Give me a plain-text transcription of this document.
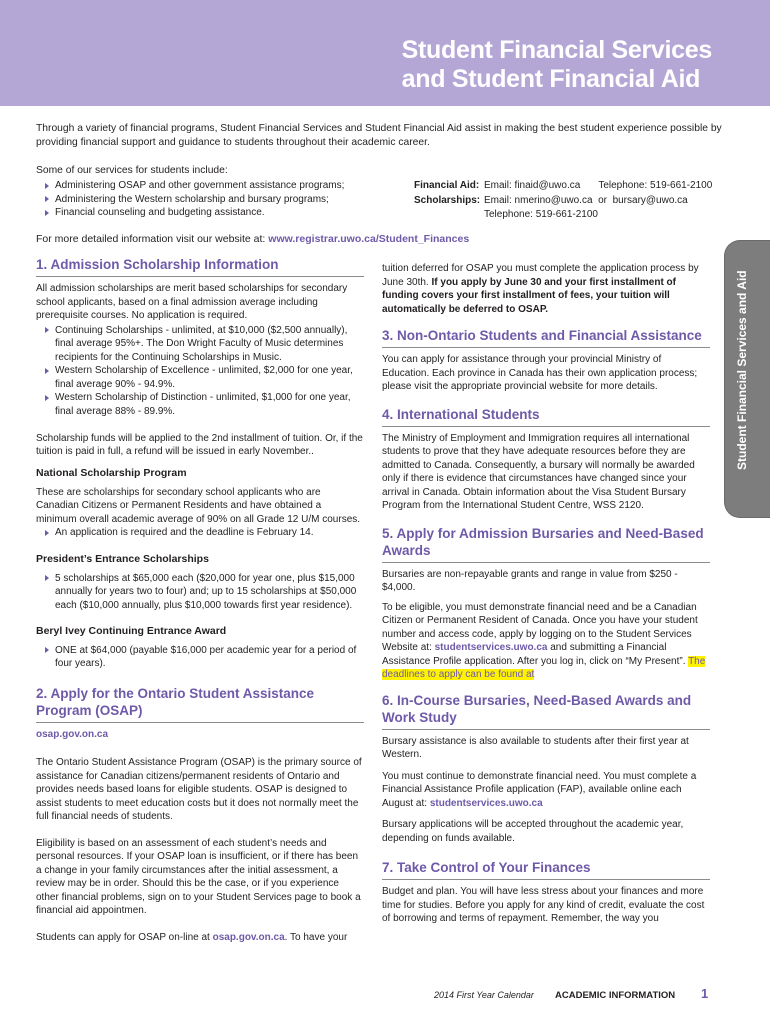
Student Financial Services
and Student Financial Aid

Through a variety of financial programs, Student Financial Services and Student Financial Aid assist in making the best student experience possible by providing financial support and guidance to students throughout their academic career.

Some of our services for students include:
Administering OSAP and other government assistance programs;
Administering the Western scholarship and bursary programs;
Financial counseling and budgeting assistance.
Financial Aid: Email: finaid@uwo.ca Telephone: 519-661-2100
Scholarships: Email: nmerino@uwo.ca or bursary@uwo.ca
Telephone: 519-661-2100
For more detailed information visit our website at: www.registrar.uwo.ca/Student_Finances
Student Financial Services and Aid
1. Admission Scholarship Information

All admission scholarships are merit based scholarships for secondary school applicants, based on a final admission average including prerequisite courses. No application is required.

Continuing Scholarships - unlimited, at $10,000 ($2,500 annually), final average 95%+. The Don Wright Faculty of Music determines recipients for the Continuing Scholarships in Music.
Western Scholarship of Excellence - unlimited, $2,000 for one year, final average 90% - 94.9%.
Western Scholarship of Distinction - unlimited, $1,000 for one year, final average 88% - 89.9%.

Scholarship funds will be applied to the 2nd installment of tuition. Or, if the tuition is paid in full, a refund will be issued in early November..

National Scholarship Program

These are scholarships for secondary school applicants who are Canadian Citizens or Permanent Residents and have obtained a minimum overall academic average of 90% on all Grade 12 U/M courses.

An application is required and the deadline is February 14.
President’s Entrance Scholarships
5 scholarships at $65,000 each ($20,000 for year one, plus $15,000 annually for years two to four) and; up to 15 scholarships at $50,000 each ($10,000 annually, plus $10,000 towards first year residence).
Beryl Ivey Continuing Entrance Award
ONE at $64,000 (payable $16,000 per academic year for a period of four years).
2. Apply for the Ontario Student Assistance Program (OSAP)

osap.gov.on.ca

The Ontario Student Assistance Program (OSAP) is the primary source of assistance for Canadian citizens/permanent residents of Ontario and provides needs based loans for eligible students. OSAP is designed to assist students to meet education costs but it does not normally meet the full financial needs of students.

Eligibility is based on an assessment of each student’s needs and personal resources. If your OSAP loan is insufficient, or if there has been a change in your family circumstances after the initial assessment, a review may be in order. Should this be the case, or if you experience other financial problems, sign on to your Student Services page to book a financial aid appointmen.

Students can apply for OSAP on-line at osap.gov.on.ca. To have your

tuition deferred for OSAP you must complete the application process by June 30th. If you apply by June 30 and your first installment of funding covers your first installment of fees, your tuition will automatically be deferred to OSAP.

3. Non-Ontario Students and Financial Assistance

You can apply for assistance through your provincial Ministry of Education. Each province in Canada has their own application process; please visit the appropriate provincial website for more details.

4. International Students

The Ministry of Employment and Immigration requires all international students to prove that they have adequate resources before they are admitted to Canada. Consequently, a bursary will normally be awarded only if there is evidence that circumstances have changed since your arrival in Canada. Obtain information about the Visa Student Bursary Program from the International Student Centre, WSS 2120.

5. Apply for Admission Bursaries and Need-Based Awards

Bursaries are non-repayable grants and range in value from $250 - $4,000.

To be eligible, you must demonstrate financial need and be a Canadian Citizen or Permanent Resident of Canada. Once you have your student number and access code, apply by logging on to the Student Services Website at: studentservices.uwo.ca and submitting a Financial Assistance Profile application. After you log in, click on “My Present”. The deadlines to apply can be found at

6. In-Course Bursaries, Need-Based Awards and Work Study

Bursary assistance is also available to students after their first year at Western.

You must continue to demonstrate financial need. You must complete a Financial Assistance Profile application (FAP), available online each August at: studentservices.uwo.ca

Bursary applications will be accepted throughout the academic year, depending on funds available.

7. Take Control of Your Finances

Budget and plan. You will have less stress about your finances and more time for studies. Before you apply for any kind of credit, evaluate the cost of borrowing and terms of repayment. Remember, the way you

2014 First Year Calendar ACADEMIC INFORMATION 1
